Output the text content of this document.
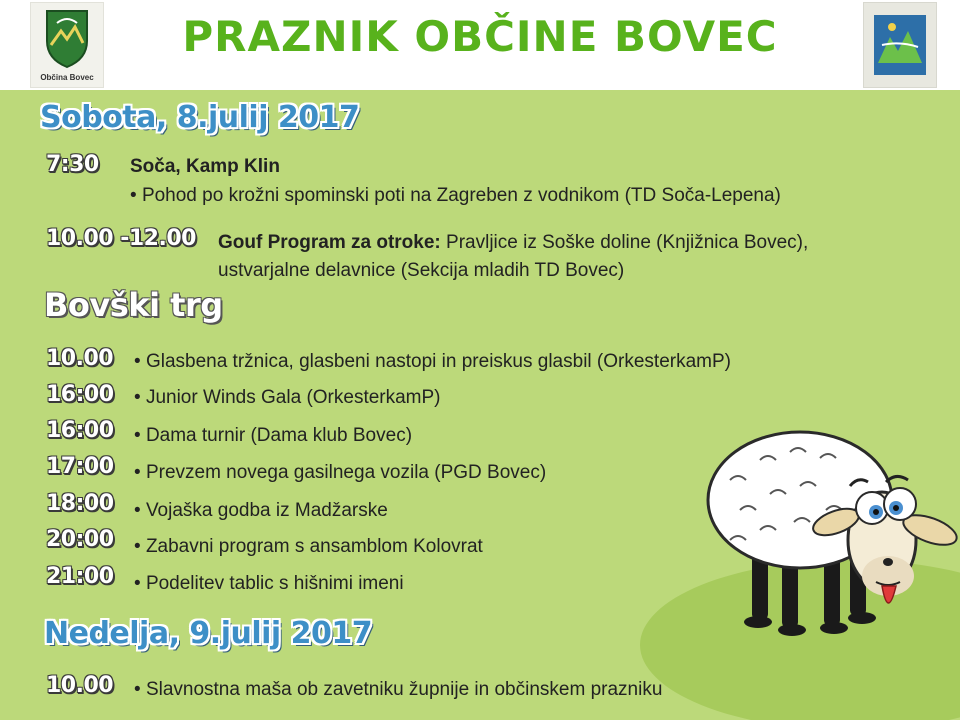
Občina Bovec
PRAZNIK OBČINE BOVEC
Sobota, 8.julij 2017
7:30 Soča, Kamp Klin
• Pohod po krožni spominski poti na Zagreben z vodnikom (TD Soča-Lepena)
10.00 -12.00 Gouf Program za otroke: Pravljice iz Soške doline (Knjižnica Bovec),
ustvarjalne delavnice (Sekcija mladih TD Bovec)
Bovški trg
10.00	• Glasbena tržnica, glasbeni nastopi in preiskus glasbil (OrkesterkamP)
16:00	• Junior Winds Gala (OrkesterkamP)
16:00	• Dama turnir (Dama klub Bovec)
17:00	• Prevzem novega gasilnega vozila (PGD Bovec)
18:00	• Vojaška godba iz Madžarske
20:00	• Zabavni program s ansamblom Kolovrat
21:00	• Podelitev tablic s hišnimi imeni
Nedelja, 9.julij 2017
10.00	• Slavnostna maša ob zavetniku župnije in občinskem prazniku
